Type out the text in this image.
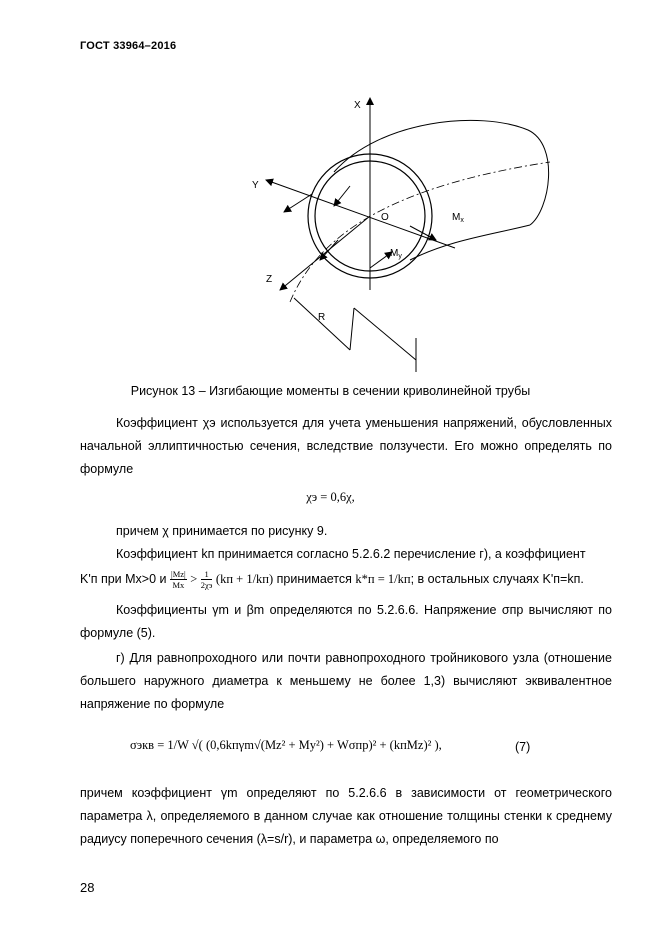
ГОСТ 33964–2016
X
Y
Z
O	$M_x$
$M_y$
R
Рисунок 13 – Изгибающие моменты в сечении криволинейной трубы
Коэффициент χэ используется для учета уменьшения напряжений, обусловленных начальной эллиптичностью сечения, вследствие ползучести. Его можно определять по формуле
χэ = 0,6χ,
причем χ принимается по рисунку 9.
Коэффициент kп принимается согласно 5.2.6.2 перечисление г), а коэффициент
K'п при Mx>0 и $\frac{|Mz|}{Mx} > \frac{1}{2\chi э} (kп + 1/kп)$ принимается k*п = 1/kп; в остальных случаях K'п=kп.
Коэффициенты γm и βm определяются по 5.2.6.6. Напряжение σпр вычисляют по формуле (5).
г) Для равнопроходного или почти равнопроходного тройникового узла (отношение большего наружного диаметра к меньшему не более 1,3) вычисляют эквивалентное напряжение по формуле
σэкв = 1/W √( (0,6kпγm√(Mz² + My²) + Wσпр)² + (kпMz)² ),	(7)
причем коэффициент γm определяют по 5.2.6.6 в зависимости от геометрического параметра λ, определяемого в данном случае как отношение толщины стенки к среднему радиусу поперечного сечения (λ=s/r), и параметра ω, определяемого по
28
